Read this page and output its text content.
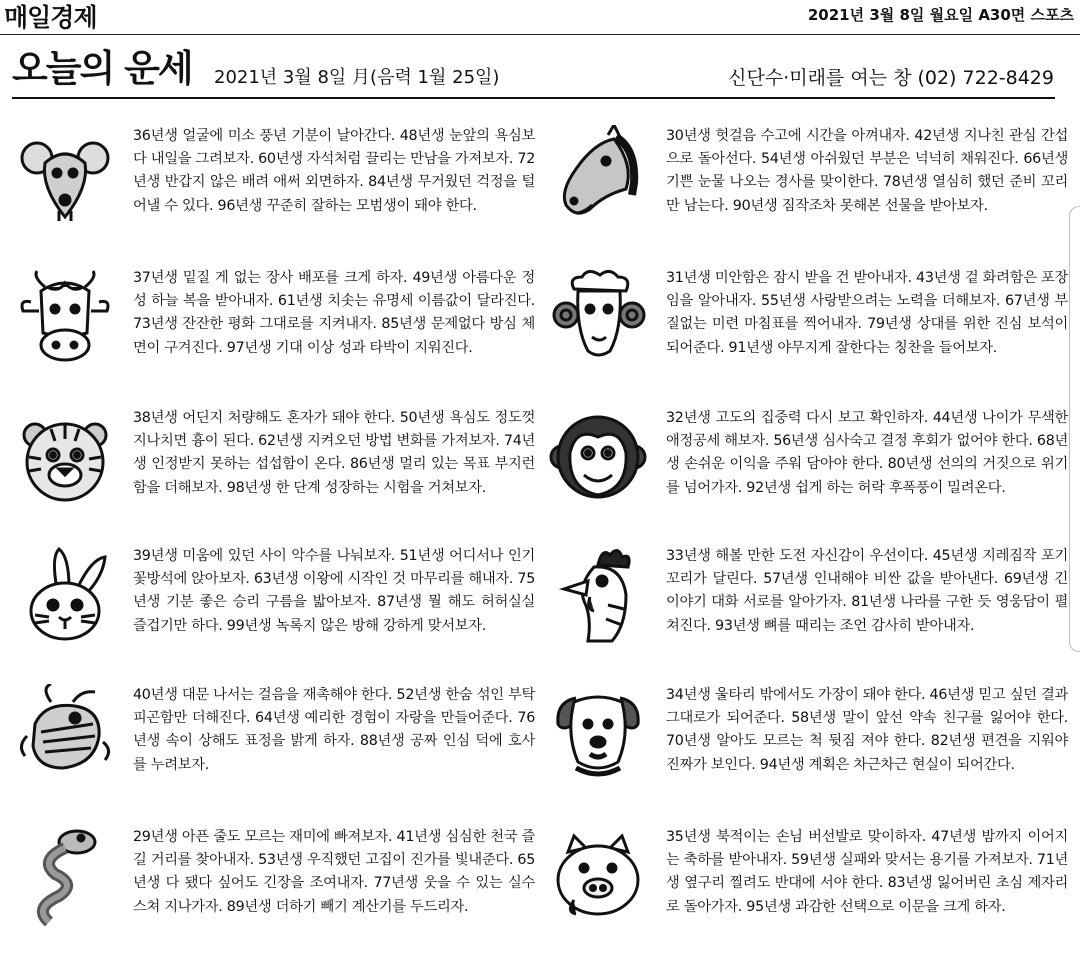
매일경제	2021년 3월 8일 월요일 A30면 스포츠
오늘의 운세 2021년 3월 8일 月(음력 1월 25일)	신단수·미래를 여는 창 (02) 722-8429
36년생 얼굴에 미소 풍년 기분이 날아간다. 48년생 눈앞의 욕심보다 내일을 그려보자. 60년생 자석처럼 끌리는 만남을 가져보자. 72년생 반갑지 않은 배려 애써 외면하자. 84년생 무거웠던 걱정을 털어낼 수 있다. 96년생 꾸준히 잘하는 모범생이 돼야 한다.
37년생 밑질 게 없는 장사 배포를 크게 하자. 49년생 아름다운 정성 하늘 복을 받아내자. 61년생 치솟는 유명세 이름값이 달라진다. 73년생 잔잔한 평화 그대로를 지켜내자. 85년생 문제없다 방심 체면이 구겨진다. 97년생 기대 이상 성과 타박이 지워진다.
38년생 어딘지 처량해도 혼자가 돼야 한다. 50년생 욕심도 정도껏 지나치면 흉이 된다. 62년생 지켜오던 방법 변화를 가져보자. 74년생 인정받지 못하는 섭섭함이 온다. 86년생 멀리 있는 목표 부지런함을 더해보자. 98년생 한 단계 성장하는 시험을 거쳐보자.
39년생 미움에 있던 사이 악수를 나눠보자. 51년생 어디서나 인기 꽃방석에 앉아보자. 63년생 이왕에 시작인 것 마무리를 해내자. 75년생 기분 좋은 승리 구름을 밟아보자. 87년생 뭘 해도 허허실실 즐겁기만 하다. 99년생 녹록지 않은 방해 강하게 맞서보자.
40년생 대문 나서는 걸음을 재촉해야 한다. 52년생 한숨 섞인 부탁 피곤함만 더해진다. 64년생 예리한 경험이 자랑을 만들어준다. 76년생 속이 상해도 표정을 밝게 하자. 88년생 공짜 인심 덕에 호사를 누려보자.
29년생 아픈 줄도 모르는 재미에 빠져보자. 41년생 심심한 천국 즐길 거리를 찾아내자. 53년생 우직했던 고집이 진가를 빛내준다. 65년생 다 됐다 싶어도 긴장을 조여내자. 77년생 웃을 수 있는 실수 스쳐 지나가자. 89년생 더하기 빼기 계산기를 두드리자.
30년생 헛걸음 수고에 시간을 아껴내자. 42년생 지나친 관심 간섭으로 돌아선다. 54년생 아쉬웠던 부분은 넉넉히 채워진다. 66년생 기쁜 눈물 나오는 경사를 맞이한다. 78년생 열심히 했던 준비 꼬리만 남는다. 90년생 짐작조차 못해본 선물을 받아보자.
31년생 미안함은 잠시 받을 건 받아내자. 43년생 겉 화려함은 포장임을 알아내자. 55년생 사랑받으려는 노력을 더해보자. 67년생 부질없는 미련 마침표를 찍어내자. 79년생 상대를 위한 진심 보석이 되어준다. 91년생 야무지게 잘한다는 칭찬을 들어보자.
32년생 고도의 집중력 다시 보고 확인하자. 44년생 나이가 무색한 애정공세 해보자. 56년생 심사숙고 결정 후회가 없어야 한다. 68년생 손쉬운 이익을 주워 담아야 한다. 80년생 선의의 거짓으로 위기를 넘어가자. 92년생 쉽게 하는 허락 후폭풍이 밀려온다.
33년생 해볼 만한 도전 자신감이 우선이다. 45년생 지레짐작 포기 꼬리가 달린다. 57년생 인내해야 비싼 값을 받아낸다. 69년생 긴 이야기 대화 서로를 알아가자. 81년생 나라를 구한 듯 영웅담이 펼쳐진다. 93년생 뼈를 때리는 조언 감사히 받아내자.
34년생 울타리 밖에서도 가장이 돼야 한다. 46년생 믿고 싶던 결과 그대로가 되어준다. 58년생 말이 앞선 약속 친구를 잃어야 한다. 70년생 알아도 모르는 척 뒷짐 져야 한다. 82년생 편견을 지워야 진짜가 보인다. 94년생 계획은 차근차근 현실이 되어간다.
35년생 북적이는 손님 버선발로 맞이하자. 47년생 밤까지 이어지는 축하를 받아내자. 59년생 실패와 맞서는 용기를 가져보자. 71년생 옆구리 찔려도 반대에 서야 한다. 83년생 잃어버린 초심 제자리로 돌아가자. 95년생 과감한 선택으로 이문을 크게 하자.
